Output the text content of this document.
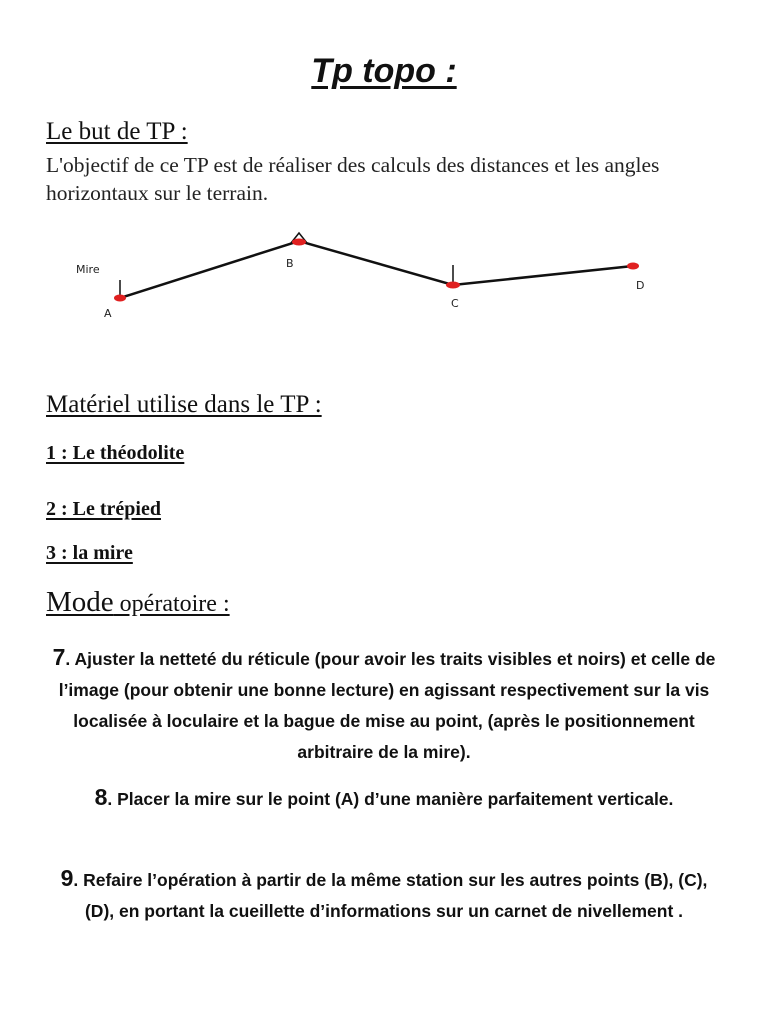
Tp topo :
Le but de TP :
L'objectif de ce TP est de réaliser des calculs des distances et les angles horizontaux sur le terrain.
Mire
A
B
C
D
Matériel utilise dans le TP :
1 : Le théodolite
2 : Le trépied
3 : la mire
Mode opératoire :
7. Ajuster la netteté du réticule (pour avoir les traits visibles et noirs) et celle de l’image (pour obtenir une bonne lecture) en agissant respectivement sur la vis localisée à loculaire et la bague de mise au point, (après le positionnement arbitraire de la mire).
8. Placer la mire sur le point (A) d’une manière parfaitement verticale.
9. Refaire l’opération à partir de la même station sur les autres points (B), (C), (D), en portant la cueillette d’informations sur un carnet de nivellement .
